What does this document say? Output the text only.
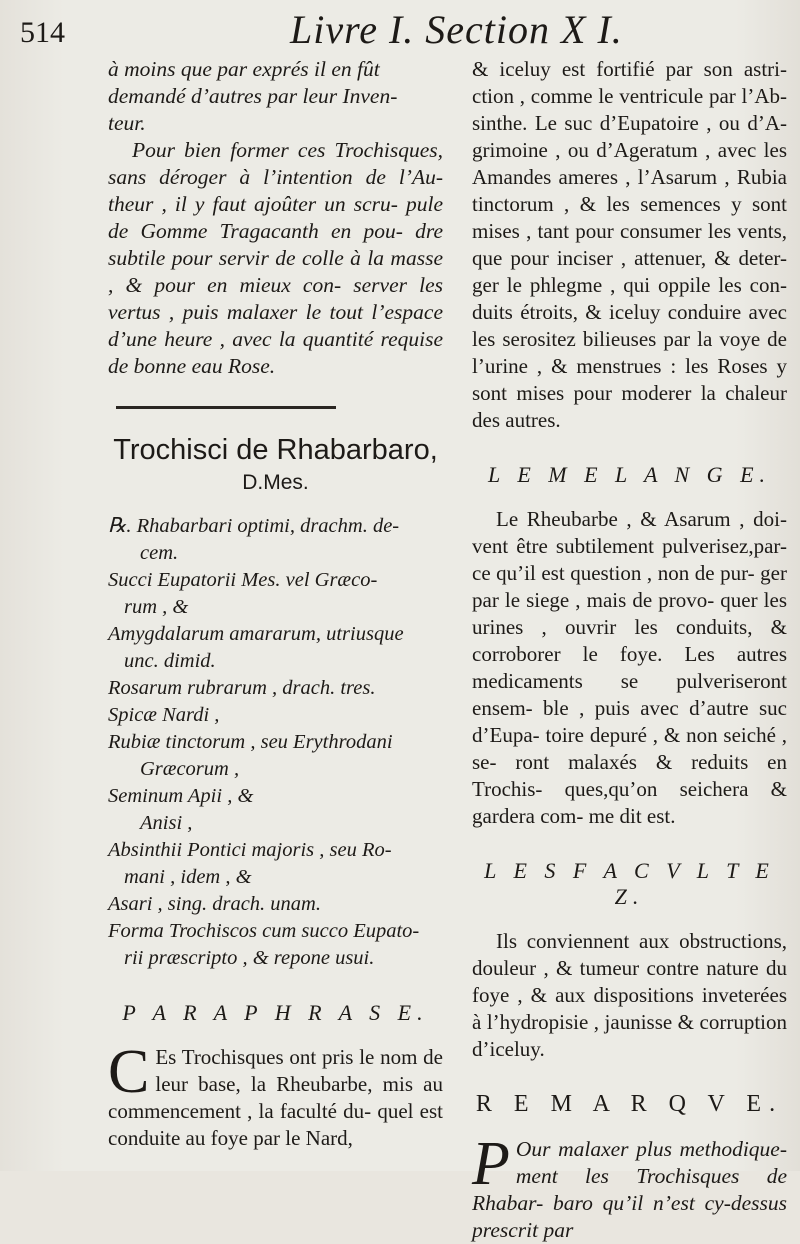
514	Livre I. Section X I.

à moins que par exprés il en fût

demandé d’autres par leur Inven-

teur.

Pour bien former ces Trochisques, sans déroger à l’intention de l’Au- theur , il y faut ajoûter un scru- pule de Gomme Tragacanth en pou- dre subtile pour servir de colle à la masse , & pour en mieux con- server les vertus , puis malaxer le tout l’espace d’une heure , avec la quantité requise de bonne eau Rose.

Trochisci de Rhabarbaro,
D.Mes.
℞. Rhabarbari optimi, drachm. de-
cem.
Succi Eupatorii Mes. vel Græco-
rum , &
Amygdalarum amararum, utriusque
unc. dimid.
Rosarum rubrarum , drach. tres.
Spicæ Nardi ,
Rubiæ tinctorum , seu Erythrodani
Græcorum ,
Seminum Apii , &
Anisi ,
Absinthii Pontici majoris , seu Ro-
mani , idem , &
Asari , sing. drach. unam.
Forma Trochiscos cum succo Eupato-
rii præscripto , & repone usui.
P A R A P H R A S E.

C Es Trochisques ont pris le nom de leur base, la Rheubarbe, mis au commencement , la faculté du- quel est conduite au foye par le Nard,

& iceluy est fortifié par son astri- ction , comme le ventricule par l’Ab- sinthe. Le suc d’Eupatoire , ou d’A- grimoine , ou d’Ageratum , avec les Amandes ameres , l’Asarum , Rubia tinctorum , & les semences y sont mises , tant pour consumer les vents, que pour inciser , attenuer, & deter- ger le phlegme , qui oppile les con- duits étroits, & iceluy conduire avec les serositez bilieuses par la voye de l’urine , & menstrues : les Roses y sont mises pour moderer la chaleur des autres.

L E M E L A N G E.

Le Rheubarbe , & Asarum , doi- vent être subtilement pulverisez,par- ce qu’il est question , non de pur- ger par le siege , mais de provo- quer les urines , ouvrir les conduits, & corroborer le foye. Les autres medicaments se pulveriseront ensem- ble , puis avec d’autre suc d’Eupa- toire depuré , & non seiché , se- ront malaxés & reduits en Trochis- ques,qu’on seichera & gardera com- me dit est.

L E S F A C V L T E Z.

Ils conviennent aux obstructions, douleur , & tumeur contre nature du foye , & aux dispositions inveterées à l’hydropisie , jaunisse & corruption d’iceluy.

R E M A R Q V E.

P Our malaxer plus methodique- ment les Trochisques de Rhabar- baro qu’il n’est cy-dessus prescrit par
